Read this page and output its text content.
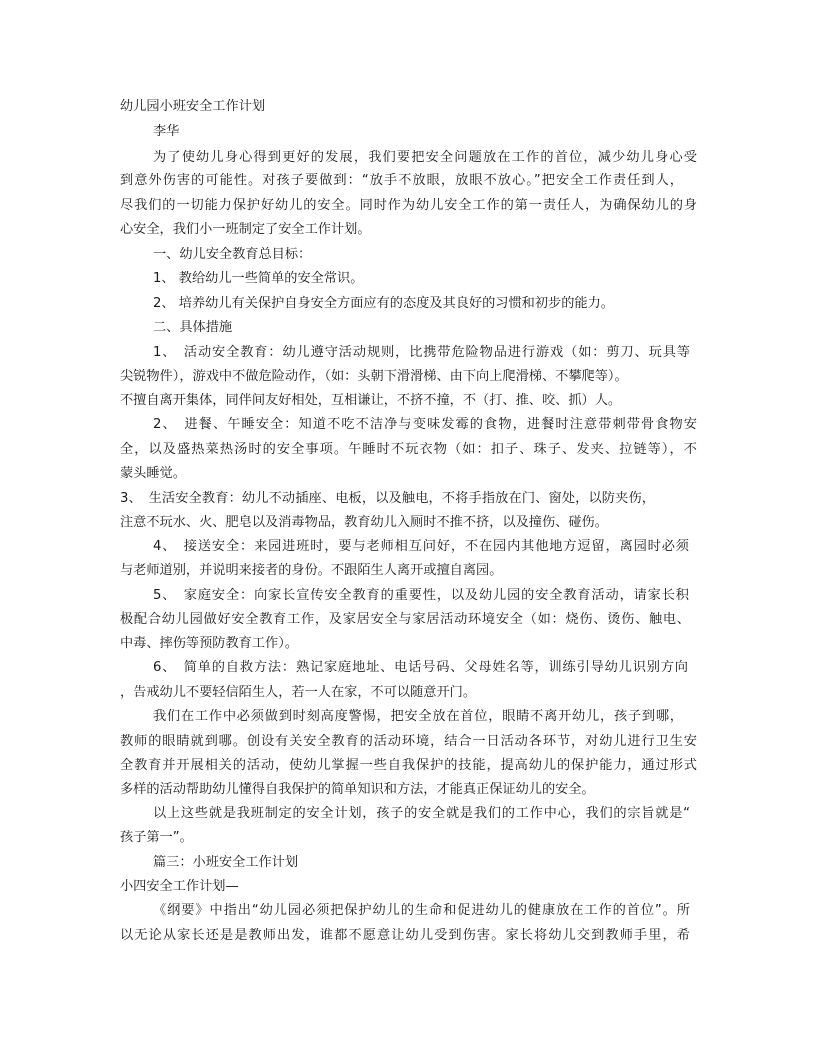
幼儿园小班安全工作计划
李华
为了使幼儿身心得到更好的发展，我们要把安全问题放在工作的首位，减少幼儿身心受
到意外伤害的可能性。对孩子要做到：“放手不放眼，放眼不放心。”把安全工作责任到人，
尽我们的一切能力保护好幼儿的安全。同时作为幼儿安全工作的第一责任人，为确保幼儿的身
心安全，我们小一班制定了安全工作计划。
一、幼儿安全教育总目标：
1、 教给幼儿一些简单的安全常识。
2、 培养幼儿有关保护自身安全方面应有的态度及其良好的习惯和初步的能力。
二、具体措施
1、　活动安全教育：幼儿遵守活动规则，比携带危险物品进行游戏（如：剪刀、玩具等
尖锐物件），游戏中不做危险动作，（如：头朝下滑滑梯、由下向上爬滑梯、不攀爬等）。
不擅自离开集体，同伴间友好相处，互相谦让，不挤不撞，不（打、推、咬、抓）人。
2、　进餐、午睡安全：知道不吃不洁净与变味发霉的食物，进餐时注意带刺带骨食物安
全，以及盛热菜热汤时的安全事项。午睡时不玩衣物（如：扣子、珠子、发夹、拉链等），不
蒙头睡觉。
3、　生活安全教育：幼儿不动插座、电板，以及触电，不将手指放在门、窗处，以防夹伤，
注意不玩水、火、肥皂以及消毒物品，教育幼儿入厕时不推不挤，以及撞伤、碰伤。
4、　接送安全：来园进班时，要与老师相互问好，不在园内其他地方逗留，离园时必须
与老师道别，并说明来接者的身份。不跟陌生人离开或擅自离园。
5、　家庭安全：向家长宣传安全教育的重要性，以及幼儿园的安全教育活动，请家长积
极配合幼儿园做好安全教育工作，及家居安全与家居活动环境安全（如：烧伤、烫伤、触电、
中毒、摔伤等预防教育工作）。
6、　简单的自救方法：熟记家庭地址、电话号码、父母姓名等，训练引导幼儿识别方向
，告戒幼儿不要轻信陌生人，若一人在家，不可以随意开门。
我们在工作中必须做到时刻高度警惕，把安全放在首位，眼睛不离开幼儿，孩子到哪，
教师的眼睛就到哪。创设有关安全教育的活动环境，结合一日活动各环节，对幼儿进行卫生安
全教育并开展相关的活动，使幼儿掌握一些自我保护的技能，提高幼儿的保护能力，通过形式
多样的活动帮助幼儿懂得自我保护的简单知识和方法，才能真正保证幼儿的安全。
以上这些就是我班制定的安全计划，孩子的安全就是我们的工作中心，我们的宗旨就是“
孩子第一”。
篇三：小班安全工作计划
小四安全工作计划—
《纲要》中指出“幼儿园必须把保护幼儿的生命和促进幼儿的健康放在工作的首位”。所
以无论从家长还是是教师出发，谁都不愿意让幼儿受到伤害。家长将幼儿交到教师手里，希
